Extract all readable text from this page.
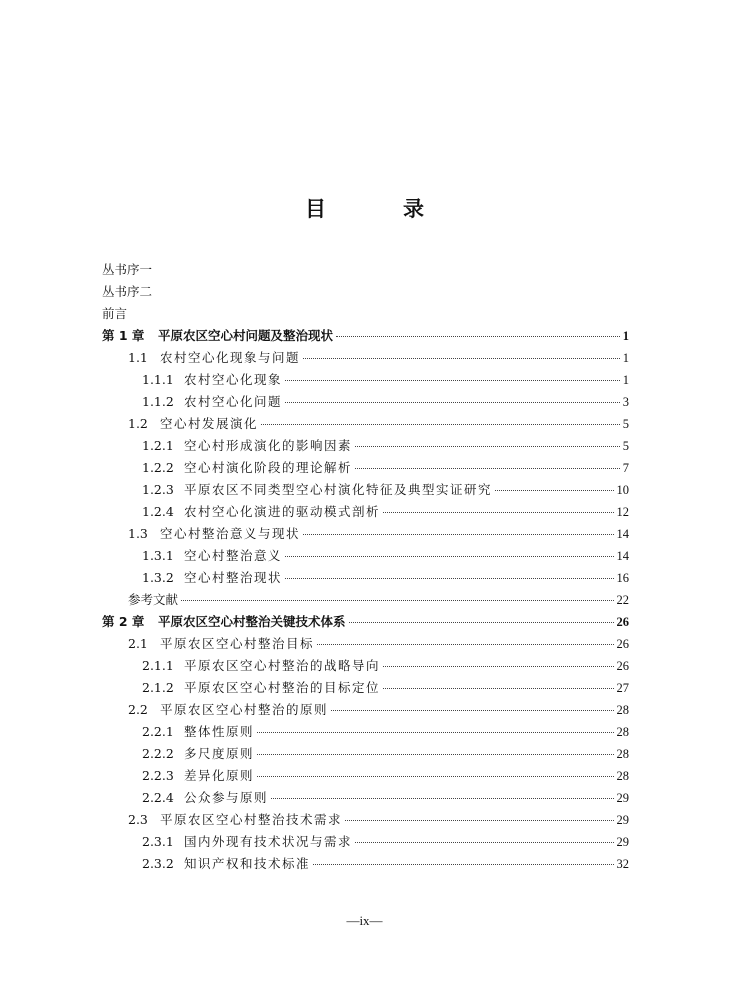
目　录
丛书序一
丛书序二
前言
第 1 章	平原农区空心村问题及整治现状	1
1.1 农村空心化现象与问题	1
1.1.1 农村空心化现象	1
1.1.2 农村空心化问题	3
1.2 空心村发展演化	5
1.2.1 空心村形成演化的影响因素	5
1.2.2 空心村演化阶段的理论解析	7
1.2.3 平原农区不同类型空心村演化特征及典型实证研究	10
1.2.4 农村空心化演进的驱动模式剖析	12
1.3 空心村整治意义与现状	14
1.3.1 空心村整治意义	14
1.3.2 空心村整治现状	16
参考文献	22
第 2 章	平原农区空心村整治关键技术体系	26
2.1 平原农区空心村整治目标	26
2.1.1 平原农区空心村整治的战略导向	26
2.1.2 平原农区空心村整治的目标定位	27
2.2 平原农区空心村整治的原则	28
2.2.1 整体性原则	28
2.2.2 多尺度原则	28
2.2.3 差异化原则	28
2.2.4 公众参与原则	29
2.3 平原农区空心村整治技术需求	29
2.3.1 国内外现有技术状况与需求	29
2.3.2 知识产权和技术标准	32
—ix—
